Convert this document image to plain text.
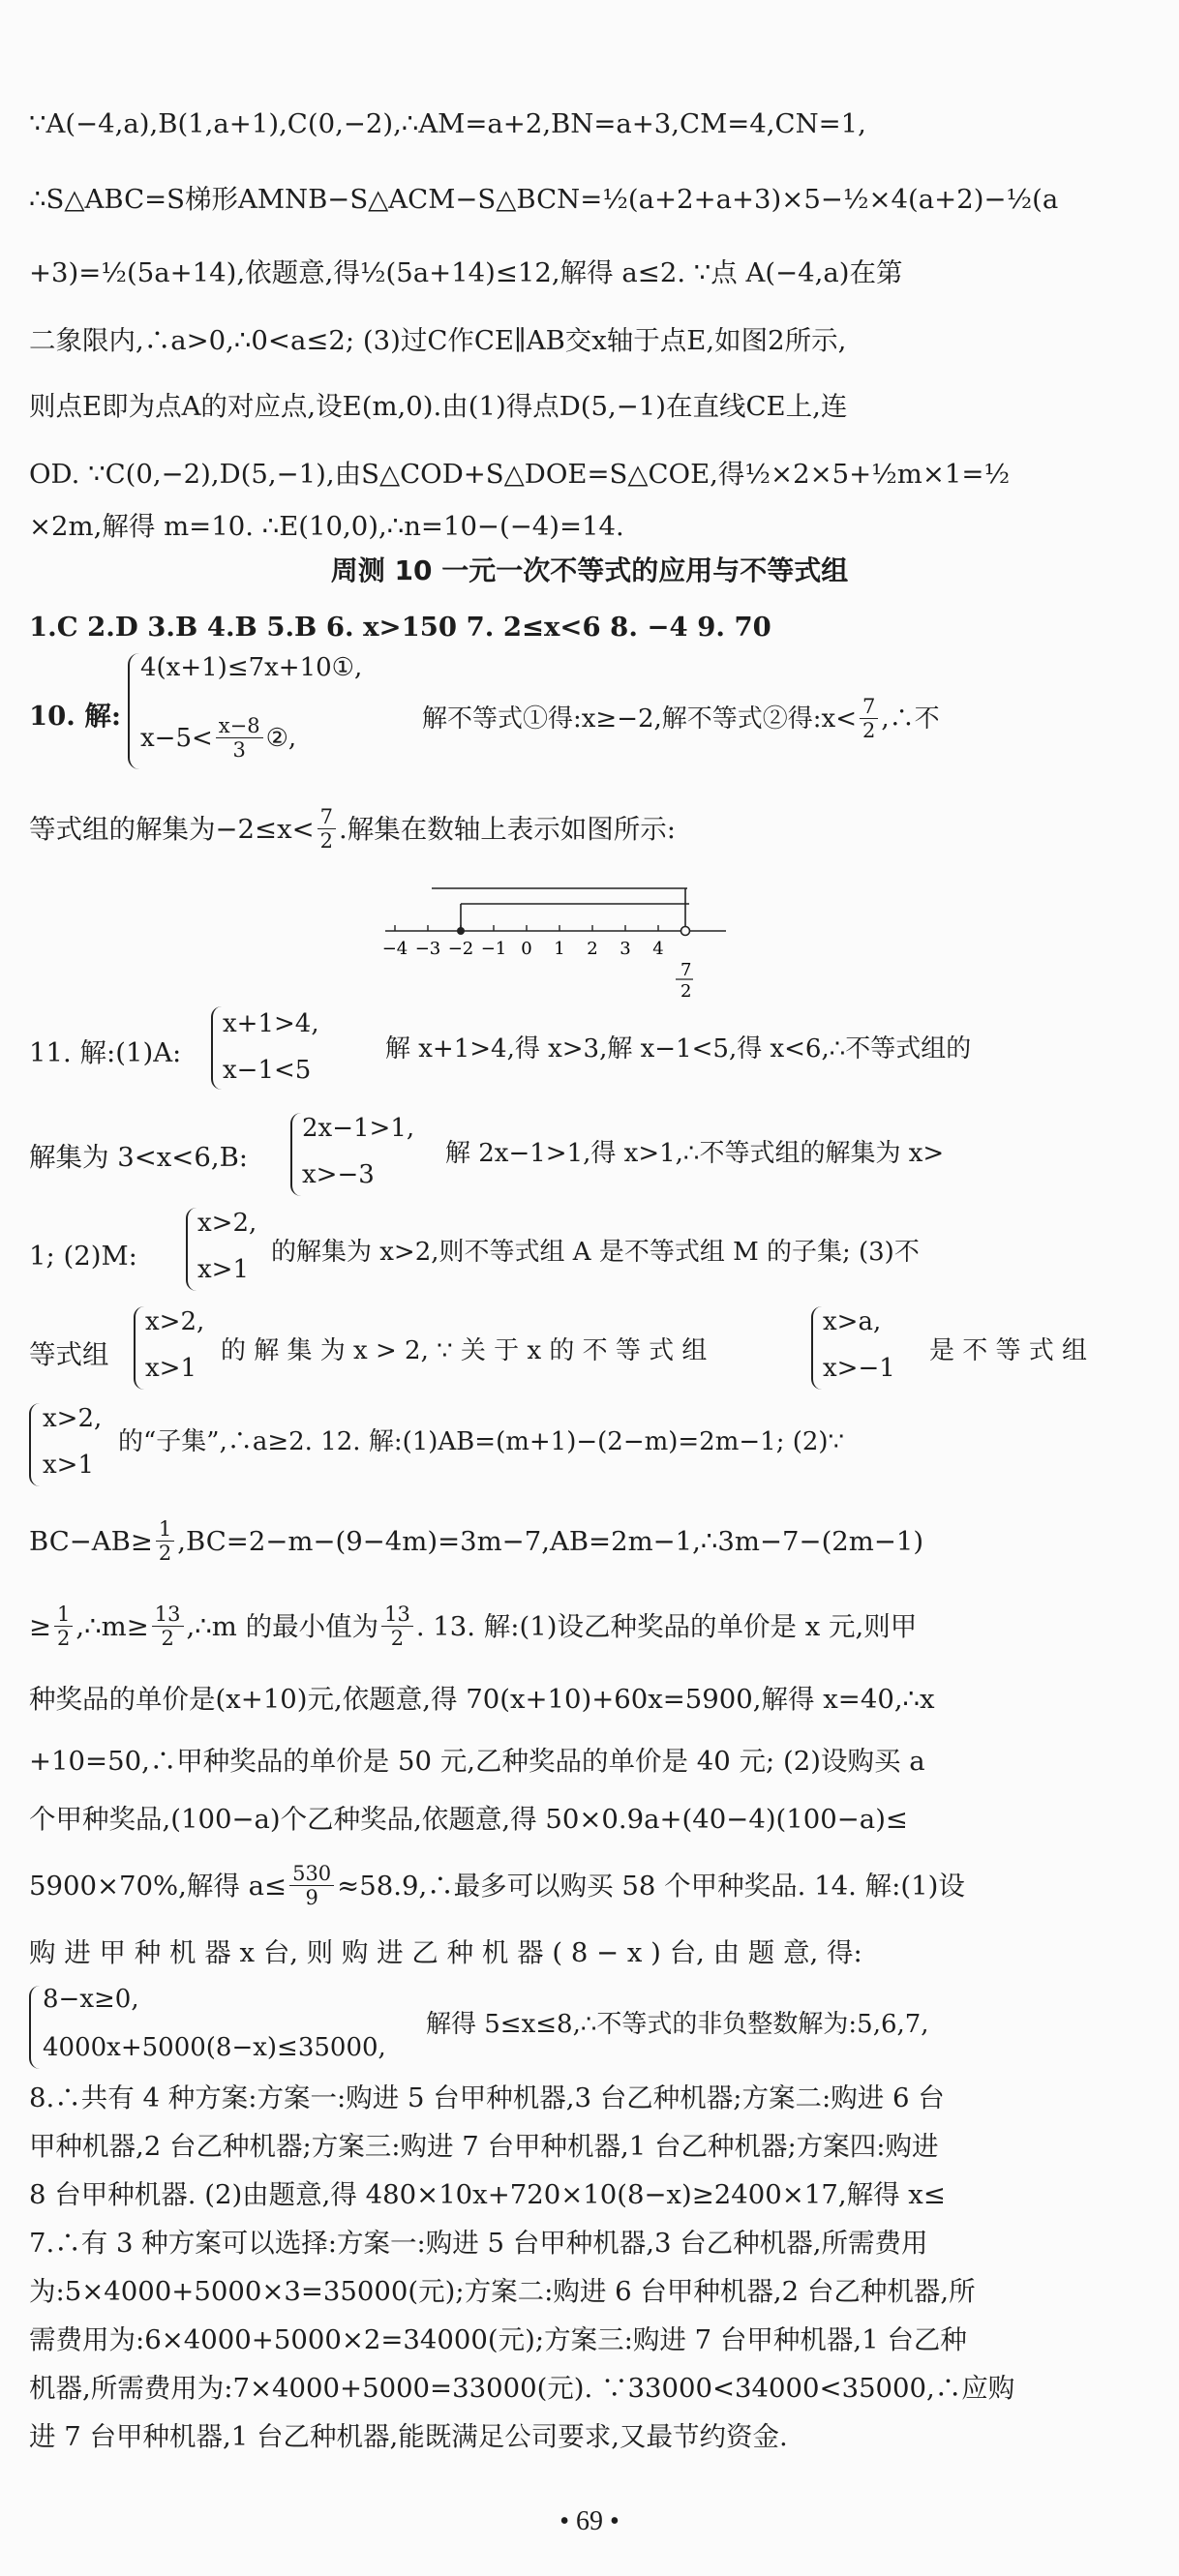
∵A(−4,a),B(1,a+1),C(0,−2),∴AM=a+2,BN=a+3,CM=4,CN=1,
∴S△ABC=S梯形AMNB−S△ACM−S△BCN=½(a+2+a+3)×5−½×4(a+2)−½(a
+3)=½(5a+14),依题意,得½(5a+14)≤12,解得 a≤2. ∵点 A(−4,a)在第
二象限内,∴a>0,∴0<a≤2; (3)过C作CE∥AB交x轴于点E,如图2所示,
则点E即为点A的对应点,设E(m,0).由(1)得点D(5,−1)在直线CE上,连
OD. ∵C(0,−2),D(5,−1),由S△COD+S△DOE=S△COE,得½×2×5+½m×1=½
×2m,解得 m=10. ∴E(10,0),∴n=10−(−4)=14.
周测 10 一元一次不等式的应用与不等式组
1.C 2.D 3.B 4.B 5.B 6. x>150 7. 2≤x<6 8. −4 9. 70
10. 解:
4(x+1)≤7x+10①,
x−5< x−8
3 ②,
解不等式①得:x≥−2,解不等式②得:x< 7
2 ,∴不
等式组的解集为−2≤x< 7
2 .解集在数轴上表示如图所示:
−4 −3 −2 −1 0 1 2 3 4
7
2
11. 解:(1)A:
x+1>4,
x−1<5
解 x+1>4,得 x>3,解 x−1<5,得 x<6,∴不等式组的
解集为 3<x<6,B:
2x−1>1,
x>−3
解 2x−1>1,得 x>1,∴不等式组的解集为 x>
1; (2)M:
x>2,
x>1
的解集为 x>2,则不等式组 A 是不等式组 M 的子集; (3)不
等式组
x>2,
x>1
的 解 集 为 x > 2, ∵ 关 于 x 的 不 等 式 组
x>a,
x>−1
是 不 等 式 组
x>2,
x>1
的“子集”,∴a≥2. 12. 解:(1)AB=(m+1)−(2−m)=2m−1; (2)∵
$BC-AB\ge \frac{1}{2}$ ,BC=2−m−(9−4m)=3m−7,AB=2m−1,∴3m−7−(2m−1)
≥ $\frac{1}{2}$ ,∴m≥ $\frac{13}{2}$ ,∴m 的最小值为 13
2 . 13. 解:(1)设乙种奖品的单价是 x 元,则甲
种奖品的单价是(x+10)元,依题意,得 70(x+10)+60x=5900,解得 x=40,∴x
+10=50,∴甲种奖品的单价是 50 元,乙种奖品的单价是 40 元; (2)设购买 a
个甲种奖品,(100−a)个乙种奖品,依题意,得 50×0.9a+(40−4)(100−a)≤
5900×70%,解得 $a\le \frac{530}{9}$ ≈58.9,∴最多可以购买 58 个甲种奖品. 14. 解:(1)设
购 进 甲 种 机 器 x 台, 则 购 进 乙 种 机 器 ( 8 − x ) 台, 由 题 意, 得:
8−x≥0,
4000x+5000(8−x)≤35000,
解得 5≤x≤8,∴不等式的非负整数解为:5,6,7,
8.∴共有 4 种方案:方案一:购进 5 台甲种机器,3 台乙种机器;方案二:购进 6 台
甲种机器,2 台乙种机器;方案三:购进 7 台甲种机器,1 台乙种机器;方案四:购进
8 台甲种机器. (2)由题意,得 480×10x+720×10(8−x)≥2400×17,解得 x≤
7.∴有 3 种方案可以选择:方案一:购进 5 台甲种机器,3 台乙种机器,所需费用
为:5×4000+5000×3=35000(元);方案二:购进 6 台甲种机器,2 台乙种机器,所
需费用为:6×4000+5000×2=34000(元);方案三:购进 7 台甲种机器,1 台乙种
机器,所需费用为:7×4000+5000=33000(元). ∵33000<34000<35000,∴应购
进 7 台甲种机器,1 台乙种机器,能既满足公司要求,又最节约资金.
• 69 •
